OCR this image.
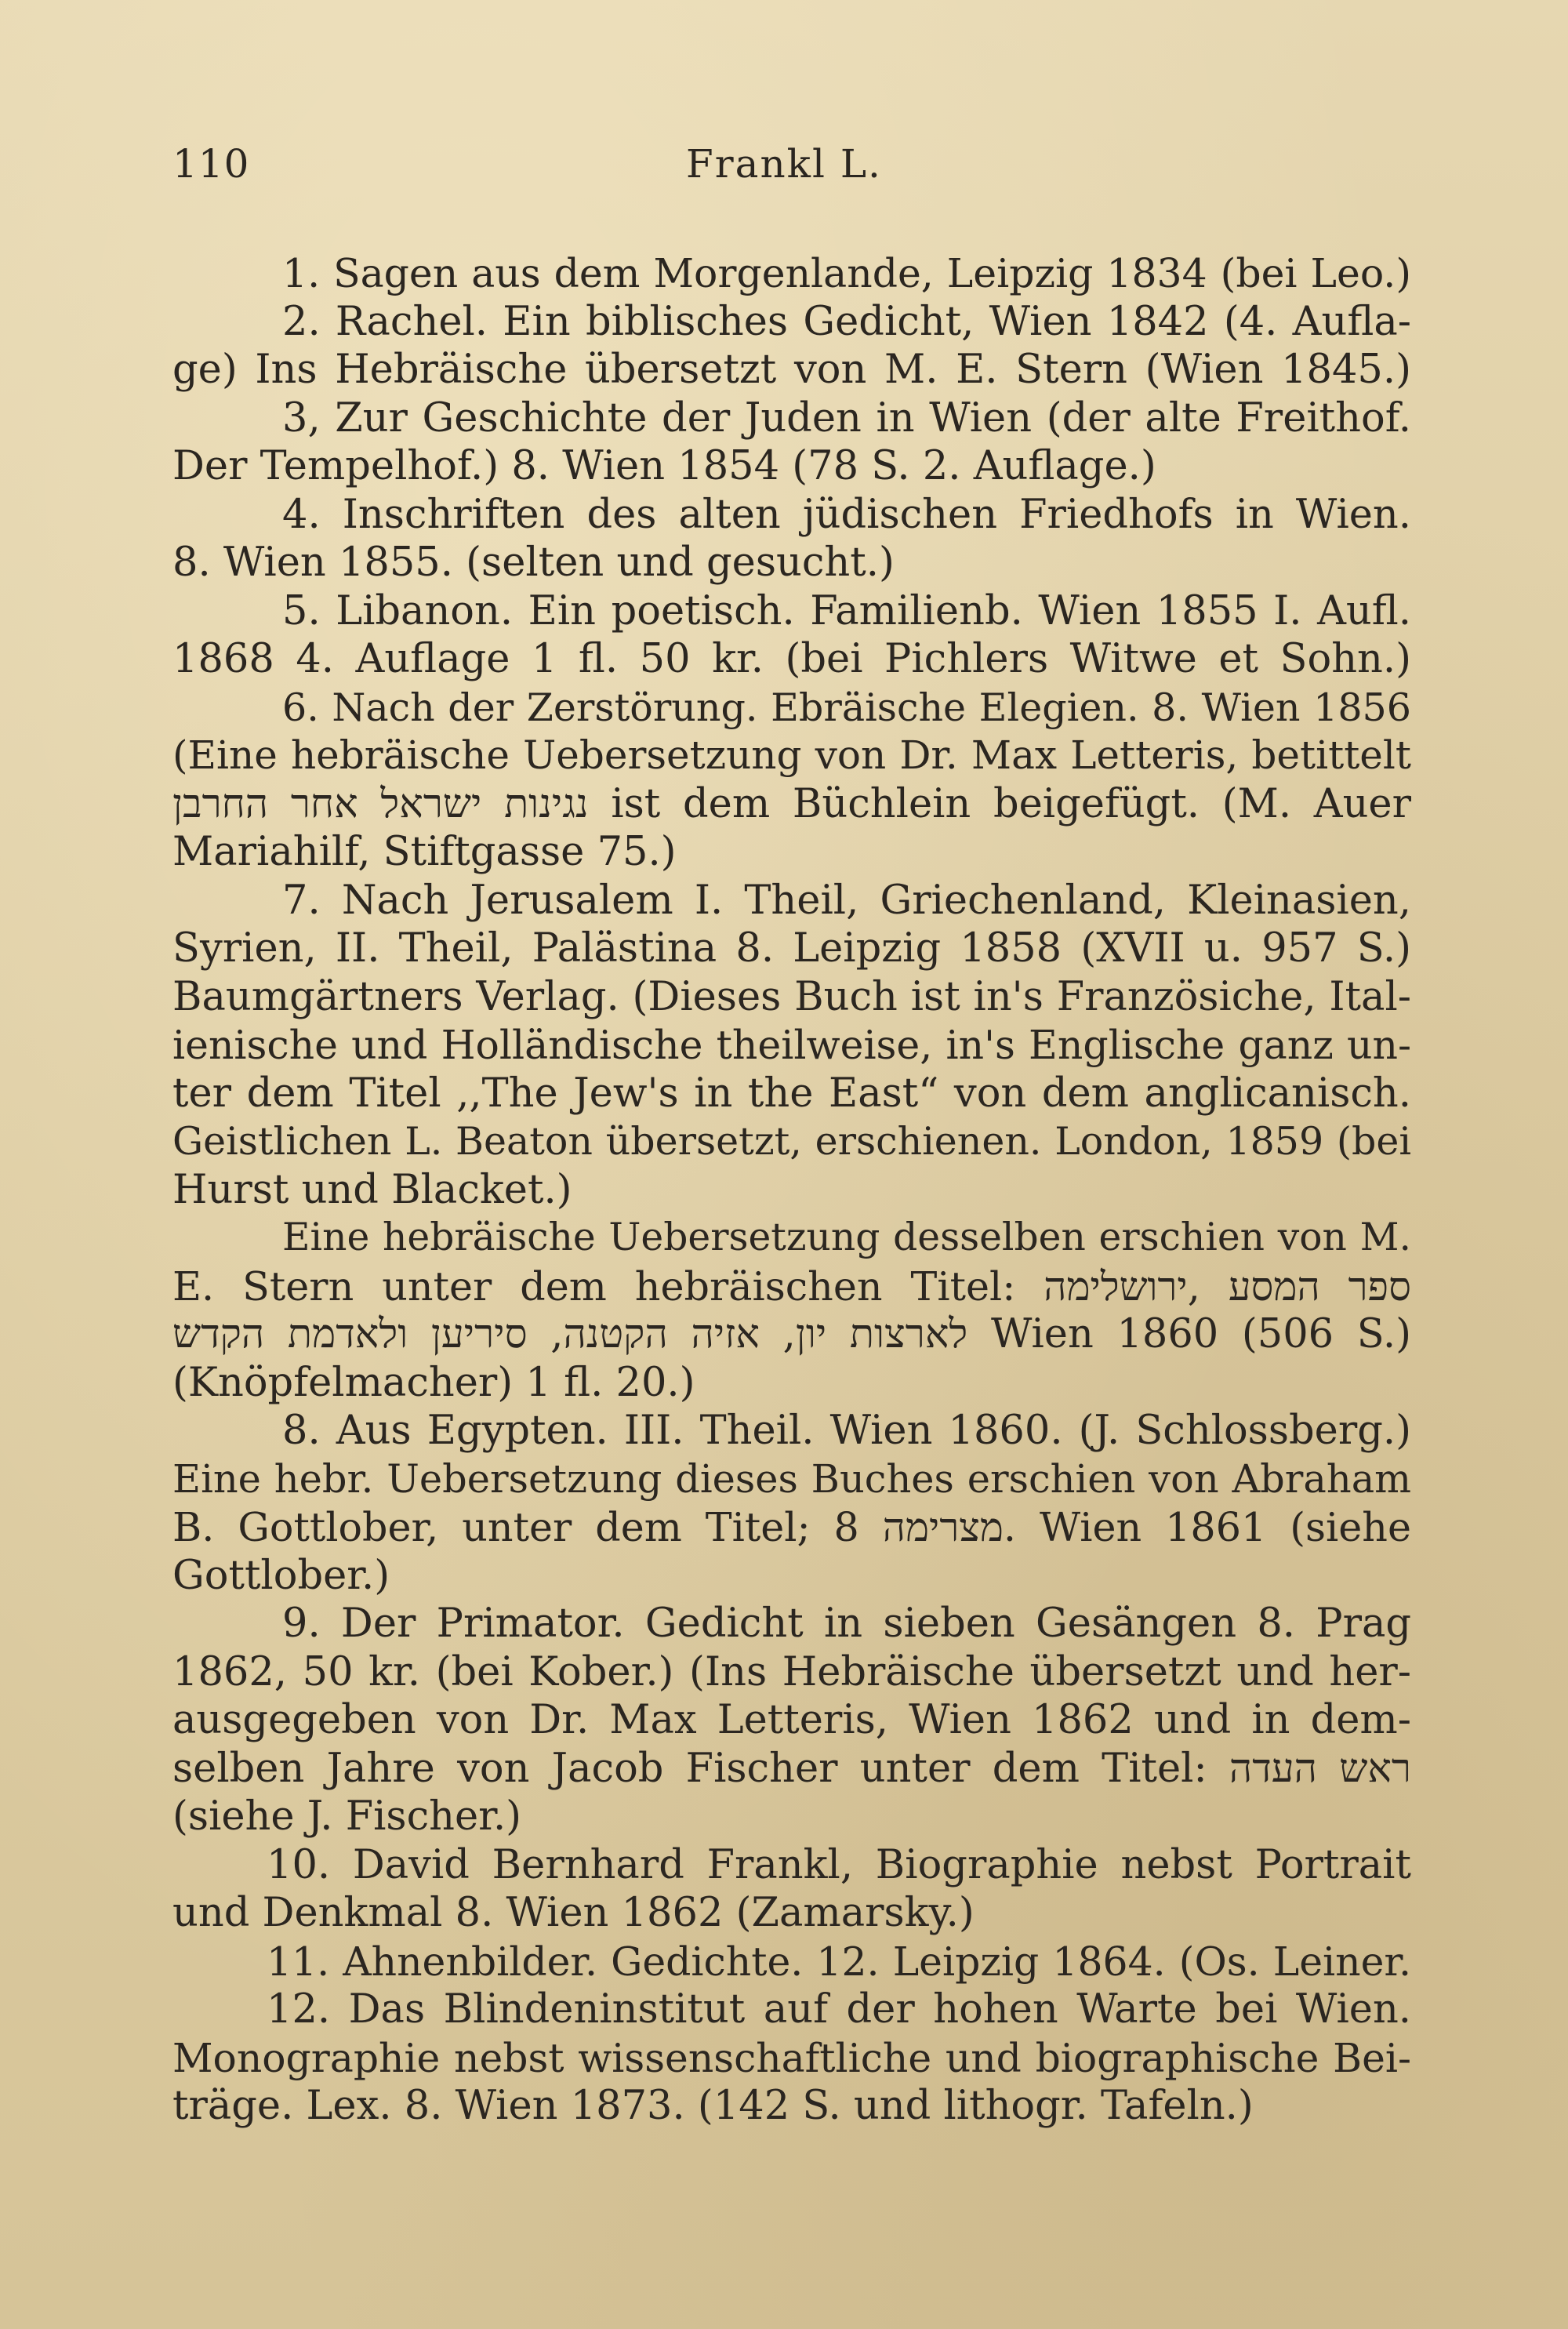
110	Frankl L.
1. Sagen aus dem Morgenlande, Leipzig 1834 (bei Leo.)
2. Rachel. Ein biblisches Gedicht, Wien 1842 (4. Aufla-
ge) Ins Hebräische übersetzt von M. E. Stern (Wien 1845.)
3, Zur Geschichte der Juden in Wien (der alte Freithof.
Der Tempelhof.) 8. Wien 1854 (78 S. 2. Auflage.)
4. Inschriften des alten jüdischen Friedhofs in Wien.
8. Wien 1855. (selten und gesucht.)
5. Libanon. Ein poetisch. Familienb. Wien 1855 I. Aufl.
1868 4. Auflage 1 fl. 50 kr. (bei Pichlers Witwe et Sohn.)
6. Nach der Zerstörung. Ebräische Elegien. 8. Wien 1856
(Eine hebräische Uebersetzung von Dr. Max Letteris, betittelt
נגינות ישראל אחר החרבן ist dem Büchlein beigefügt. (M. Auer
Mariahilf, Stiftgasse 75.)
7. Nach Jerusalem I. Theil, Griechenland, Kleinasien,
Syrien, II. Theil, Palästina 8. Leipzig 1858 (XVII u. 957 S.)
Baumgärtners Verlag. (Dieses Buch ist in's Französiche, Ital-
ienische und Holländische theilweise, in's Englische ganz un-
ter dem Titel ,,The Jew's in the East“ von dem anglicanisch.
Geistlichen L. Beaton übersetzt, erschienen. London, 1859 (bei
Hurst und Blacket.)
Eine hebräische Uebersetzung desselben erschien von M.
E. Stern unter dem hebräischen Titel: ספר המסע ,ירושלימה
לארצות יון, אזיה הקטנה, סיריען ולאדמת הקדש Wien 1860 (506 S.)
(Knöpfelmacher) 1 fl. 20.)
8. Aus Egypten. III. Theil. Wien 1860. (J. Schlossberg.)
Eine hebr. Uebersetzung dieses Buches erschien von Abraham
B. Gottlober, unter dem Titel; מצרימה 8. Wien 1861 (siehe
Gottlober.)
9. Der Primator. Gedicht in sieben Gesängen 8. Prag
1862, 50 kr. (bei Kober.) (Ins Hebräische übersetzt und her-
ausgegeben von Dr. Max Letteris, Wien 1862 und in dem-
selben Jahre von Jacob Fischer unter dem Titel: ראש העדה
(siehe J. Fischer.)
10. David Bernhard Frankl, Biographie nebst Portrait
und Denkmal 8. Wien 1862 (Zamarsky.)
11. Ahnenbilder. Gedichte. 12. Leipzig 1864. (Os. Leiner.
12. Das Blindeninstitut auf der hohen Warte bei Wien.
Monographie nebst wissenschaftliche und biographische Bei-
träge. Lex. 8. Wien 1873. (142 S. und lithogr. Tafeln.)
